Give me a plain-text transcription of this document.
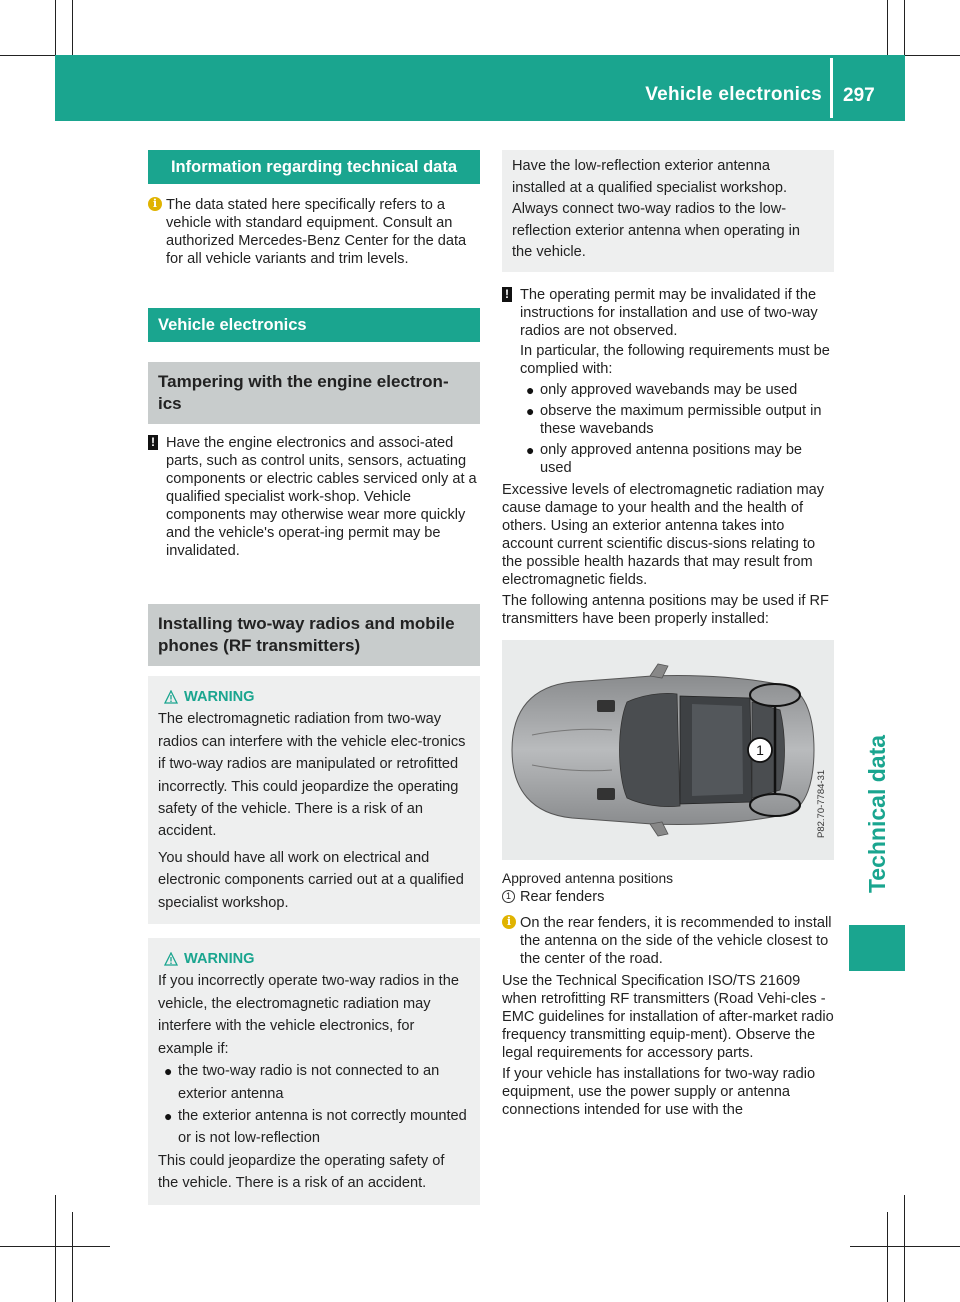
Vehicle electronics 297
Technical data
Information regarding technical data
i The data stated here specifically refers to a vehicle with standard equipment. Consult an authorized Mercedes-Benz Center for the data for all vehicle variants and trim levels.

Vehicle electronics
Tampering with the engine electron-ics
! Have the engine electronics and associ-ated parts, such as control units, sensors, actuating components or electric cables serviced only at a qualified specialist work-shop. Vehicle components may otherwise wear more quickly and the vehicle's operat-ing permit may be invalidated.

Installing two-way radios and mobile phones (RF transmitters)
WARNING

The electromagnetic radiation from two-way radios can interfere with the vehicle elec-tronics if two-way radios are manipulated or retrofitted incorrectly. This could jeopardize the operating safety of the vehicle. There is a risk of an accident.

You should have all work on electrical and electronic components carried out at a qualified specialist workshop.

WARNING

If you incorrectly operate two-way radios in the vehicle, the electromagnetic radiation may interfere with the vehicle electronics, for example if:

● the two-way radio is not connected to an exterior antenna
● the exterior antenna is not correctly mounted or is not low-reflection

This could jeopardize the operating safety of the vehicle. There is a risk of an accident.

Have the low-reflection exterior antenna installed at a qualified specialist workshop. Always connect two-way radios to the low-reflection exterior antenna when operating in the vehicle.
! The operating permit may be invalidated if the instructions for installation and use of two-way radios are not observed.

In particular, the following requirements must be complied with:

● only approved wavebands may be used
● observe the maximum permissible output in these wavebands
● only approved antenna positions may be used

Excessive levels of electromagnetic radiation may cause damage to your health and the health of others. Using an exterior antenna takes into account current scientific discus-sions relating to the possible health hazards that may result from electromagnetic fields.

The following antenna positions may be used if RF transmitters have been properly installed:

1
P82.70-7784-31

Approved antenna positions

1 Rear fenders
i On the rear fenders, it is recommended to install the antenna on the side of the vehicle closest to the center of the road.

Use the Technical Specification ISO/TS 21609 when retrofitting RF transmitters (Road Vehi-cles - EMC guidelines for installation of after-market radio frequency transmitting equip-ment). Observe the legal requirements for accessory parts.

If your vehicle has installations for two-way radio equipment, use the power supply or antenna connections intended for use with the
